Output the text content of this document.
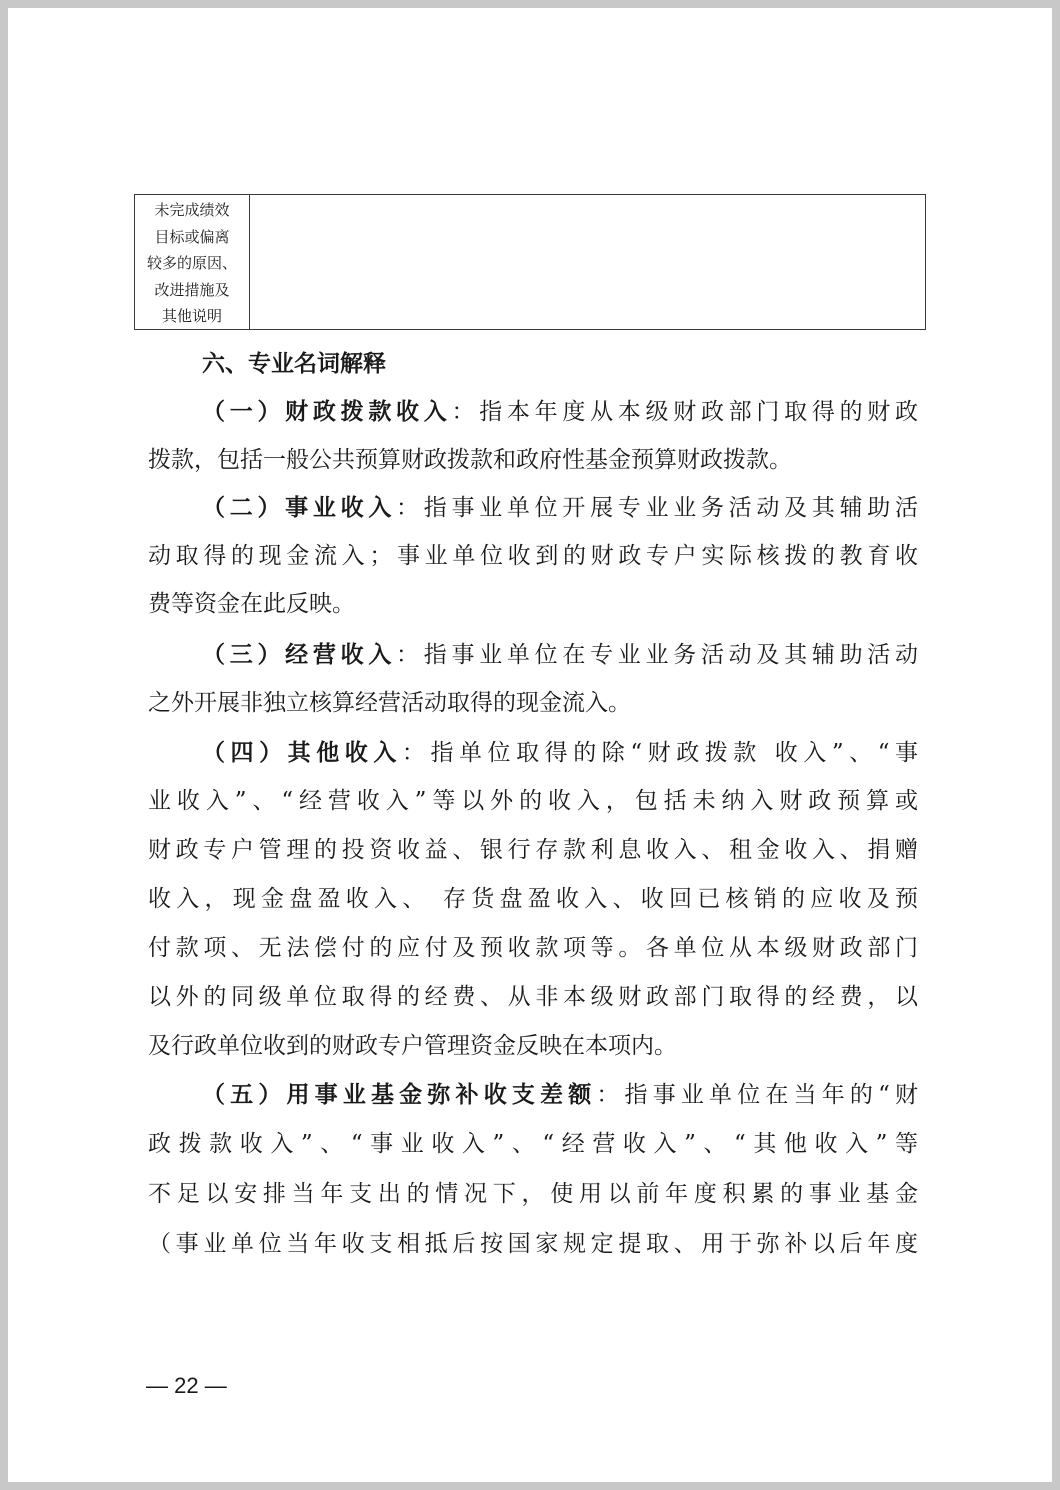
未完成绩效
目标或偏离
较多的原因、
改进措施及
其他说明
六、专业名词解释
（一）财政拨款收入：指本年度从本级财政部门取得的财政
拨款，包括一般公共预算财政拨款和政府性基金预算财政拨款。
（二）事业收入：指事业单位开展专业业务活动及其辅助活
动取得的现金流入；事业单位收到的财政专户实际核拨的教育收
费等资金在此反映。
（三）经营收入：指事业单位在专业业务活动及其辅助活动
之外开展非独立核算经营活动取得的现金流入。
（四）其他收入：指单位取得的除“财政拨款 收入”、“事
业收入”、“经营收入”等以外的收入，包括未纳入财政预算或
财政专户管理的投资收益、银行存款利息收入、租金收入、捐赠
收入，现金盘盈收入、 存货盘盈收入、收回已核销的应收及预
付款项、无法偿付的应付及预收款项等。各单位从本级财政部门
以外的同级单位取得的经费、从非本级财政部门取得的经费，以
及行政单位收到的财政专户管理资金反映在本项内。
（五）用事业基金弥补收支差额：指事业单位在当年的“财
政拨款收入”、“事业收入”、“经营收入”、“其他收入”等
不足以安排当年支出的情况下，使用以前年度积累的事业基金
（事业单位当年收支相抵后按国家规定提取、用于弥补以后年度
— 22 —
